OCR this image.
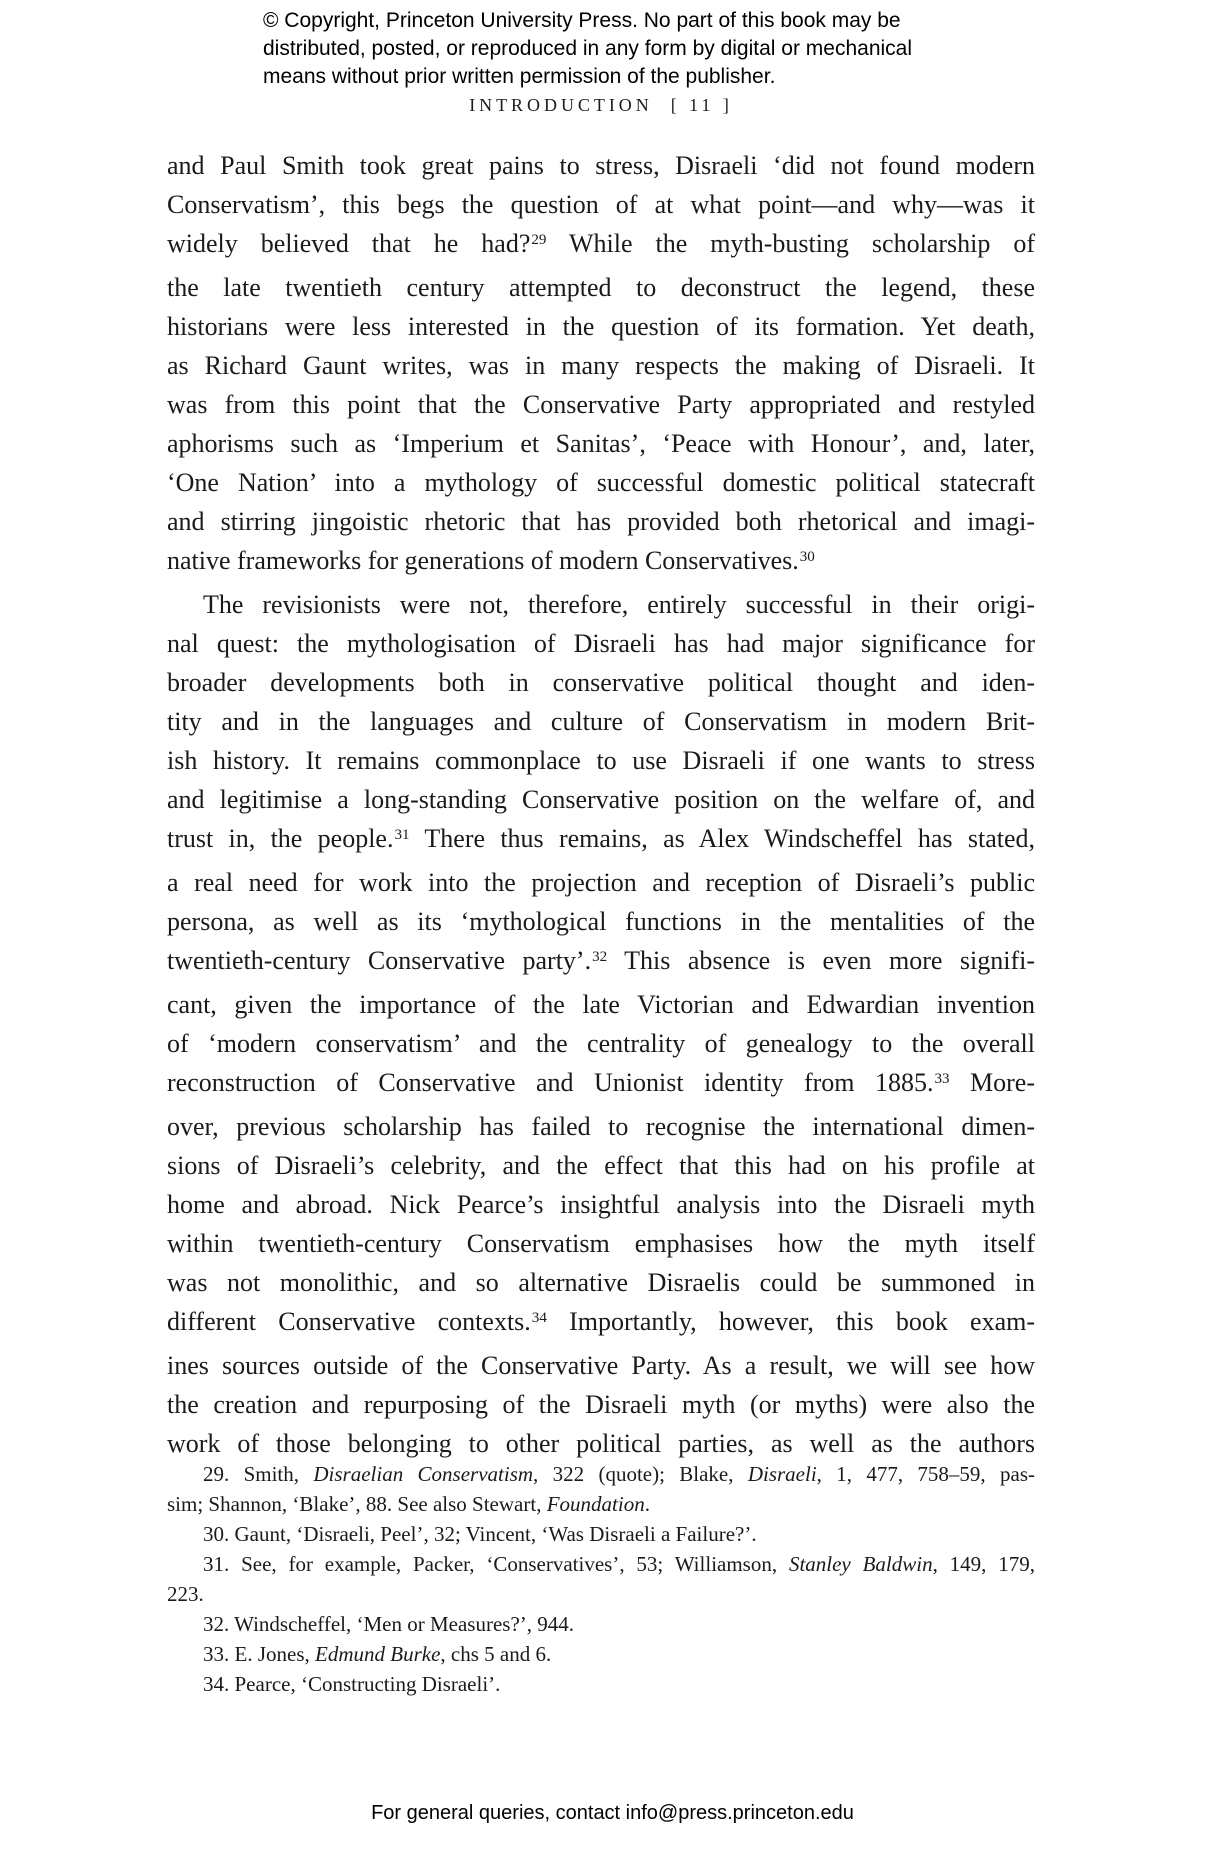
© Copyright, Princeton University Press. No part of this book may be
distributed, posted, or reproduced in any form by digital or mechanical
means without prior written permission of the publisher.
INTRODUCTION [ 11 ]
and Paul Smith took great pains to stress, Disraeli ‘did not found modern
Conservatism’, this begs the question of at what point—and why—was it
widely believed that he had?$^{29}$ While the myth-busting scholarship of
the late twentieth century attempted to deconstruct the legend, these
historians were less interested in the question of its formation. Yet death,
as Richard Gaunt writes, was in many respects the making of Disraeli. It
was from this point that the Conservative Party appropriated and restyled
aphorisms such as ‘Imperium et Sanitas’, ‘Peace with Honour’, and, later,
‘One Nation’ into a mythology of successful domestic political statecraft
and stirring jingoistic rhetoric that has provided both rhetorical and imagi-
native frameworks for generations of modern Conservatives.$^{30}$
The revisionists were not, therefore, entirely successful in their origi-
nal quest: the mythologisation of Disraeli has had major significance for
broader developments both in conservative political thought and iden-
tity and in the languages and culture of Conservatism in modern Brit-
ish history. It remains commonplace to use Disraeli if one wants to stress
and legitimise a long-standing Conservative position on the welfare of, and
trust in, the people.$^{31}$ There thus remains, as Alex Windscheffel has stated,
a real need for work into the projection and reception of Disraeli’s public
persona, as well as its ‘mythological functions in the mentalities of the
twentieth-century Conservative party’.$^{32}$ This absence is even more signifi-
cant, given the importance of the late Victorian and Edwardian invention
of ‘modern conservatism’ and the centrality of genealogy to the overall
reconstruction of Conservative and Unionist identity from 1885.33 More-
over, previous scholarship has failed to recognise the international dimen-
sions of Disraeli’s celebrity, and the effect that this had on his profile at
home and abroad. Nick Pearce’s insightful analysis into the Disraeli myth
within twentieth-century Conservatism emphasises how the myth itself
was not monolithic, and so alternative Disraelis could be summoned in
different Conservative contexts.$^{34}$ Importantly, however, this book exam-
ines sources outside of the Conservative Party. As a result, we will see how
the creation and repurposing of the Disraeli myth (or myths) were also the
work of those belonging to other political parties, as well as the authors
29. Smith, Disraelian Conservatism, 322 (quote); Blake, Disraeli, 1, 477, 758–59, pas-
sim; Shannon, ‘Blake’, 88. See also Stewart, Foundation.
30. Gaunt, ‘Disraeli, Peel’, 32; Vincent, ‘Was Disraeli a Failure?’.
31. See, for example, Packer, ‘Conservatives’, 53; Williamson, Stanley Baldwin, 149, 179,
223.
32. Windscheffel, ‘Men or Measures?’, 944.
33. E. Jones, Edmund Burke, chs 5 and 6.
34. Pearce, ‘Constructing Disraeli’.
For general queries, contact info@press.princeton.edu
